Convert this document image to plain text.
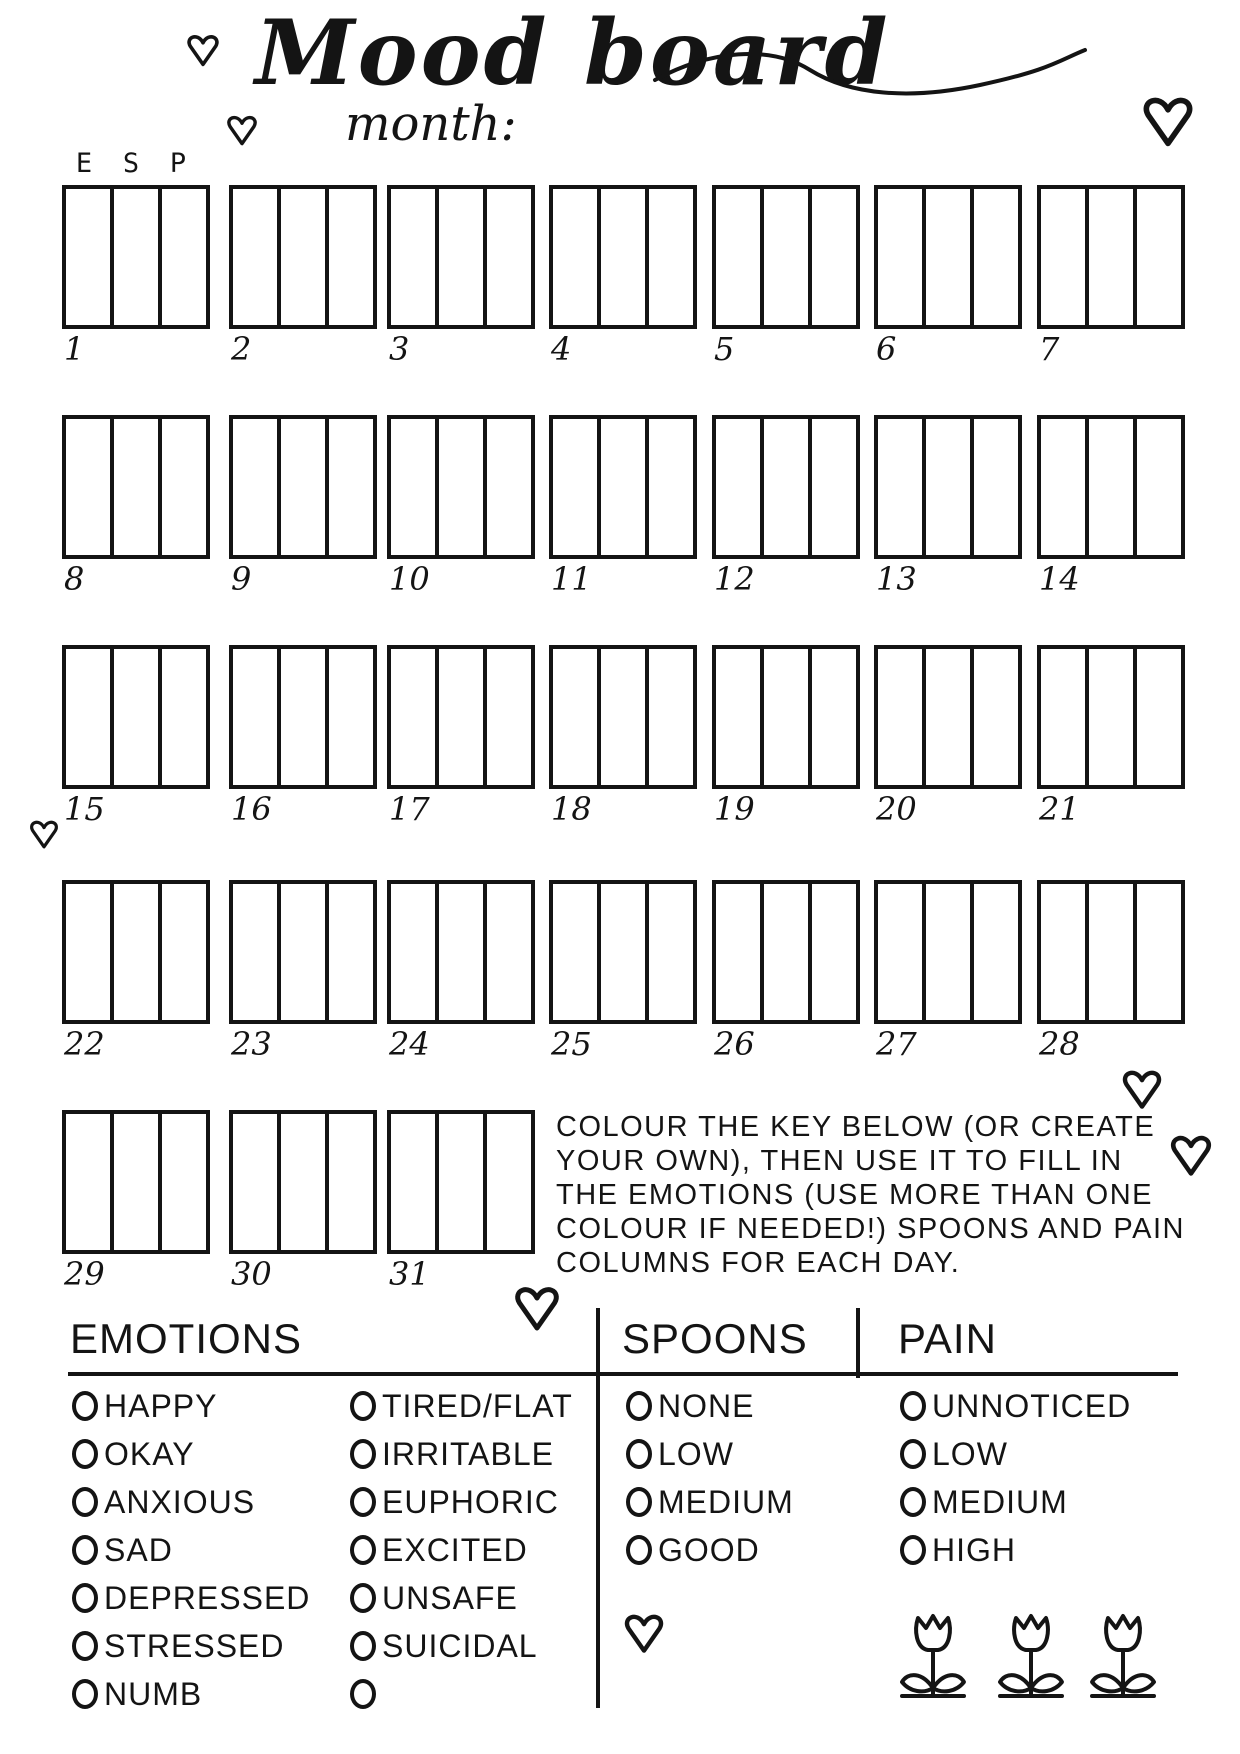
Mood board
month:
E	S	P
1	2	3	4	5	6	7
8	9	10	11	12	13	14
15	16	17	18	19	20	21
22	23	24	25	26	27	28
29	30	31
COLOUR THE KEY BELOW (OR CREATE YOUR OWN), THEN USE IT TO FILL IN THE EMOTIONS (USE MORE THAN ONE COLOUR IF NEEDED!) SPOONS AND PAIN COLUMNS FOR EACH DAY.
EMOTIONS	SPOONS PAIN
HAPPY
OKAY
ANXIOUS
SAD
DEPRESSED
STRESSED
NUMB
TIRED/FLAT
IRRITABLE
EUPHORIC
EXCITED
UNSAFE
SUICIDAL
NONE
LOW
MEDIUM
GOOD
UNNOTICED
LOW
MEDIUM
HIGH
